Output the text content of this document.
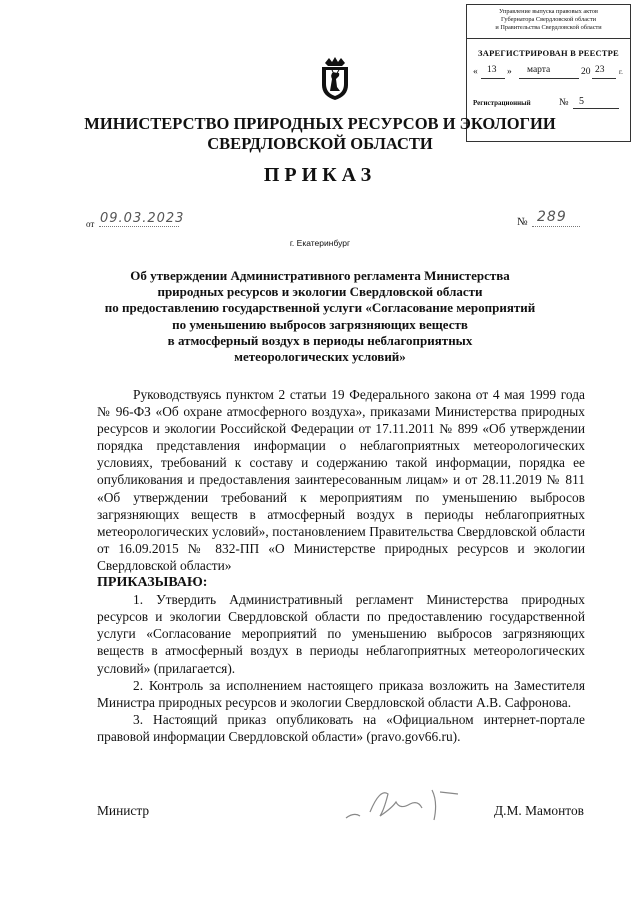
Управление выпуска правовых актов
Губернатора Свердловской области
и Правительства Свердловской области
ЗАРЕГИСТРИРОВАН В РЕЕСТРЕ
« 13 » марта	20 23 г.
Регистрационный	№ 5
МИНИСТЕРСТВО ПРИРОДНЫХ РЕСУРСОВ И ЭКОЛОГИИ
СВЕРДЛОВСКОЙ ОБЛАСТИ
ПРИКАЗ
от 09.03.2023	№ 289
г. Екатеринбург
Об утверждении Административного регламента Министерства
природных ресурсов и экологии Свердловской области
по предоставлению государственной услуги «Согласование мероприятий
по уменьшению выбросов загрязняющих веществ
в атмосферный воздух в периоды неблагоприятных
метеорологических условий»

Руководствуясь пунктом 2 статьи 19 Федерального закона от 4 мая 1999 года № 96-ФЗ «Об охране атмосферного воздуха», приказами Министерства природных ресурсов и экологии Российской Федерации от 17.11.2011 № 899 «Об утверждении порядка представления информации о неблагоприятных метеорологических условиях, требований к составу и содержанию такой информации, порядка ее опубликования и предоставления заинтересованным лицам» и от 28.11.2019 № 811 «Об утверждении требований к мероприятиям по уменьшению выбросов загрязняющих веществ в атмосферный воздух в периоды неблагоприятных метеорологических условий», постановлением Правительства Свердловской области от 16.09.2015 № 832-ПП «О Министерстве природных ресурсов и экологии Свердловской области»

ПРИКАЗЫВАЮ:

1. Утвердить Административный регламент Министерства природных ресурсов и экологии Свердловской области по предоставлению государственной услуги «Согласование мероприятий по уменьшению выбросов загрязняющих веществ в атмосферный воздух в периоды неблагоприятных метеорологических условий» (прилагается).

2. Контроль за исполнением настоящего приказа возложить на Заместителя Министра природных ресурсов и экологии Свердловской области А.В. Сафронова.

3. Настоящий приказ опубликовать на «Официальном интернет-портале правовой информации Свердловской области» (pravo.gov66.ru).

Министр	Д.М. Мамонтов
